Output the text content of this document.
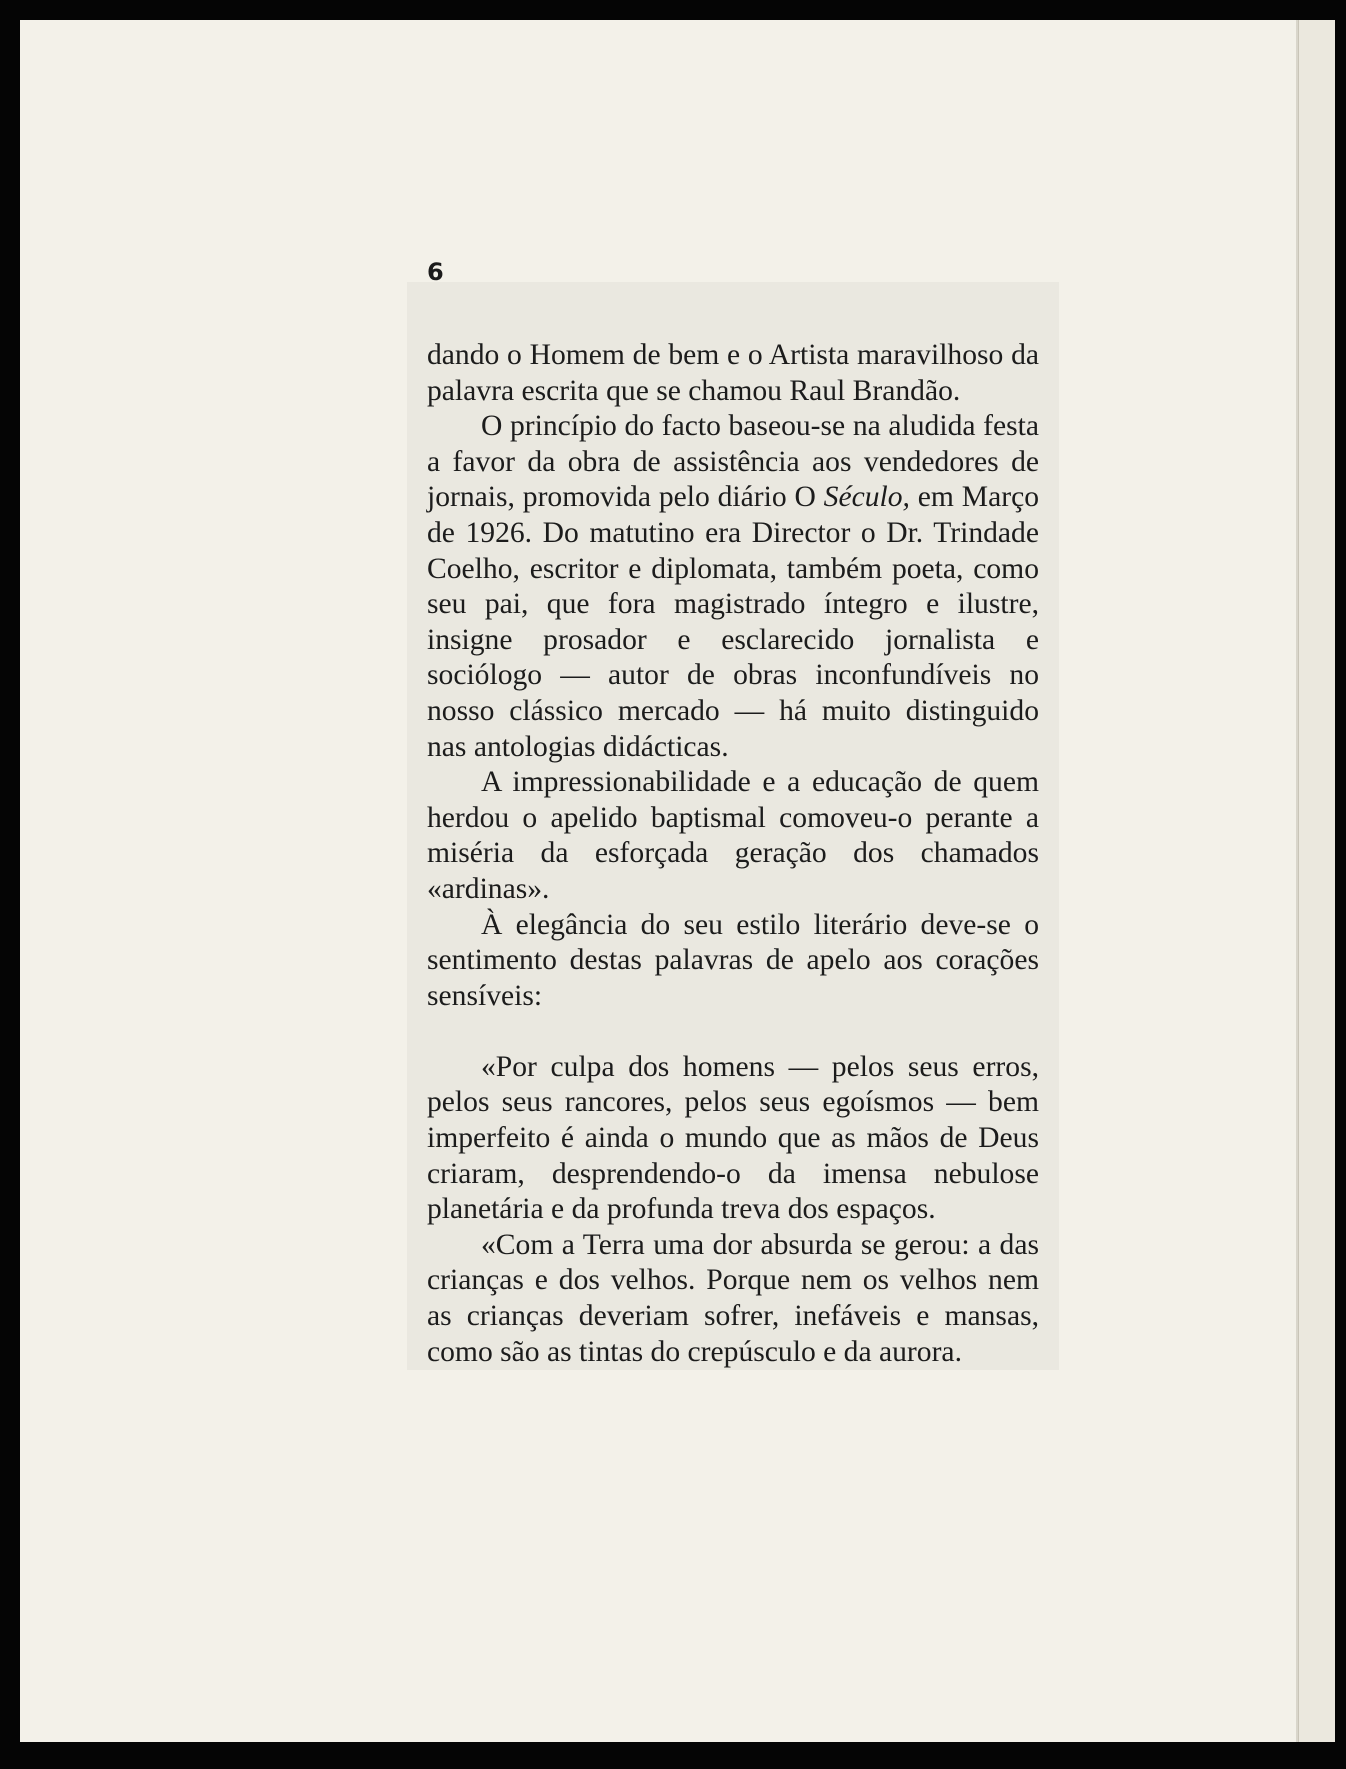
6

dando o Homem de bem e o Artista maravilhoso da palavra escrita que se chamou Raul Brandão.

O princípio do facto baseou-se na aludida festa a favor da obra de assistência aos vendedores de jornais, promovida pelo diário O Século, em Março de 1926. Do matutino era Director o Dr. Trindade Coelho, escritor e diplomata, também poeta, como seu pai, que fora magistrado íntegro e ilustre, insigne prosador e esclarecido jornalista e sociólogo — autor de obras inconfundíveis no nosso clássico mercado — há muito distinguido nas antologias didácticas.

A impressionabilidade e a educação de quem herdou o apelido baptismal comoveu-o perante a miséria da esforçada geração dos chamados «ardinas».

À elegância do seu estilo literário deve-se o sentimento destas palavras de apelo aos corações sensíveis:

«Por culpa dos homens — pelos seus erros, pelos seus rancores, pelos seus egoísmos — bem imperfeito é ainda o mundo que as mãos de Deus criaram, desprendendo-o da imensa nebulose planetária e da profunda treva dos espaços.

«Com a Terra uma dor absurda se gerou: a das crianças e dos velhos. Porque nem os velhos nem as crianças deveriam sofrer, inefáveis e mansas, como são as tintas do crepúsculo e da aurora.
